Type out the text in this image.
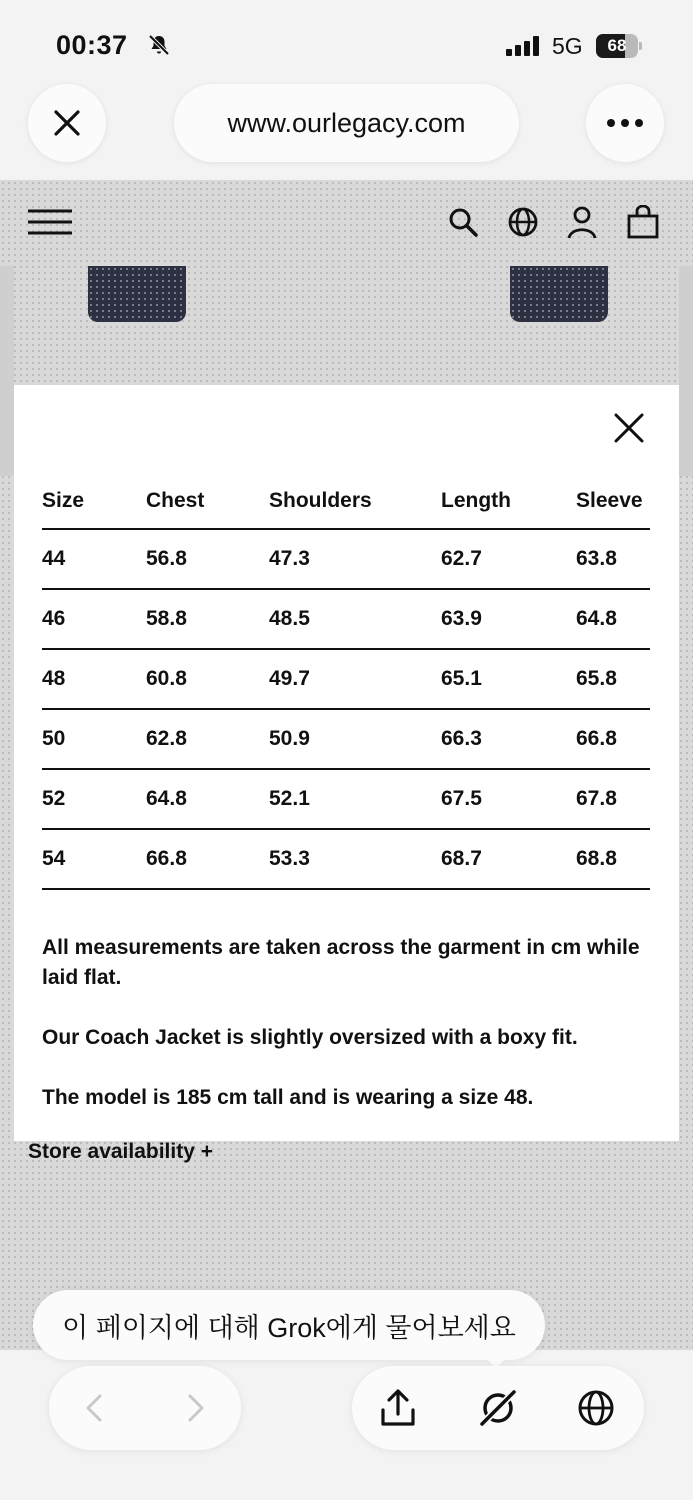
00:37	5G	68
www.ourlegacy.com
Size	Chest	Shoulders	Length	Sleeve
44	56.8	47.3	62.7	63.8
46	58.8	48.5	63.9	64.8
48	60.8	49.7	65.1	65.8
50	62.8	50.9	66.3	66.8
52	64.8	52.1	67.5	67.8
54	66.8	53.3	68.7	68.8

All measurements are taken across the garment in cm while laid flat.

Our Coach Jacket is slightly oversized with a boxy fit.

The model is 185 cm tall and is wearing a size 48.

Store availability +
이 페이지에 대해 Grok에게 물어보세요
